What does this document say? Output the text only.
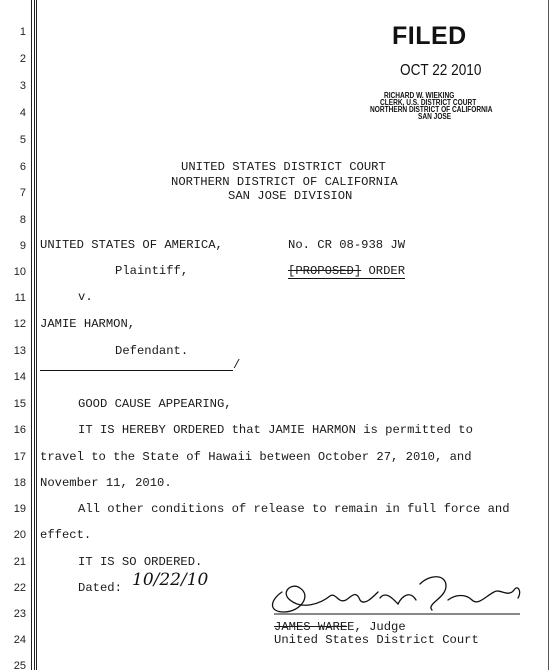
1
2
3
4
5
6
7
8
9
10
11
12
13
14
15
16
17
18
19
20
21
22
23
24
25
FILED
OCT 22 2010
RICHARD W. WIEKING
CLERK, U.S. DISTRICT COURT
NORTHERN DISTRICT OF CALIFORNIA
SAN JOSE
UNITED STATES DISTRICT COURT
NORTHERN DISTRICT OF CALIFORNIA
SAN JOSE DIVISION
UNITED STATES OF AMERICA,	No. CR 08-938 JW
Plaintiff,	[PROPOSED] ORDER
v.
JAMIE HARMON,
Defendant.
/
GOOD CAUSE APPEARING,
IT IS HEREBY ORDERED that JAMIE HARMON is permitted to
travel to the State of Hawaii between October 27, 2010, and
November 11, 2010.
All other conditions of release to remain in full force and
effect.
IT IS SO ORDERED.
Dated: 10/22/10
JAMES WAREE, Judge
United States District Court
